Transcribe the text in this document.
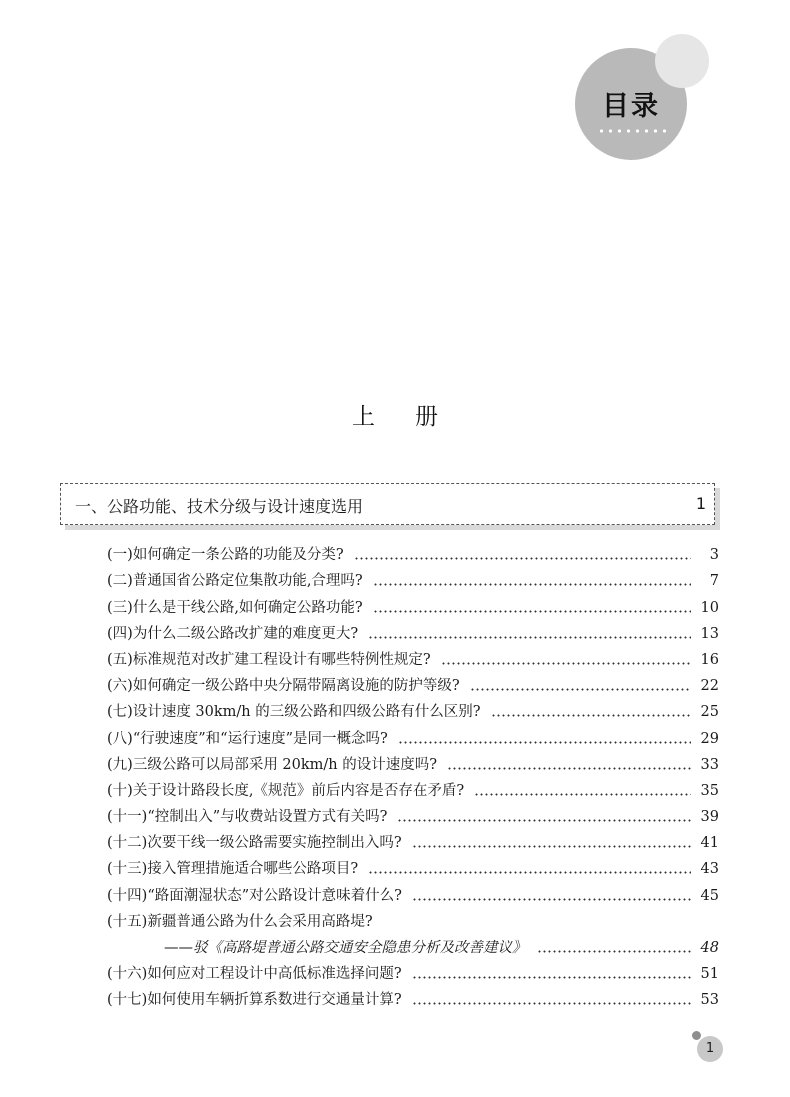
目录
上册
一、公路功能、技术分级与设计速度选用	1
(一) 如何确定一条公路的功能及分类?	3
(二) 普通国省公路定位集散功能,合理吗?	7
(三) 什么是干线公路,如何确定公路功能?	10
(四) 为什么二级公路改扩建的难度更大?	13
(五) 标准规范对改扩建工程设计有哪些特例性规定?	16
(六) 如何确定一级公路中央分隔带隔离设施的防护等级?	22
(七) 设计速度 30km/h 的三级公路和四级公路有什么区别?	25
(八) “行驶速度”和“运行速度”是同一概念吗?	29
(九) 三级公路可以局部采用 20km/h 的设计速度吗?	33
(十) 关于设计路段长度,《规范》前后内容是否存在矛盾?	35
(十一) “控制出入”与收费站设置方式有关吗?	39
(十二) 次要干线一级公路需要实施控制出入吗?	41
(十三) 接入管理措施适合哪些公路项目?	43
(十四) “路面潮湿状态”对公路设计意味着什么?	45
(十五) 新疆普通公路为什么会采用高路堤?
——驳《高路堤普通公路交通安全隐患分析及改善建议》	48
(十六) 如何应对工程设计中高低标准选择问题?	51
(十七) 如何使用车辆折算系数进行交通量计算?	53
1
